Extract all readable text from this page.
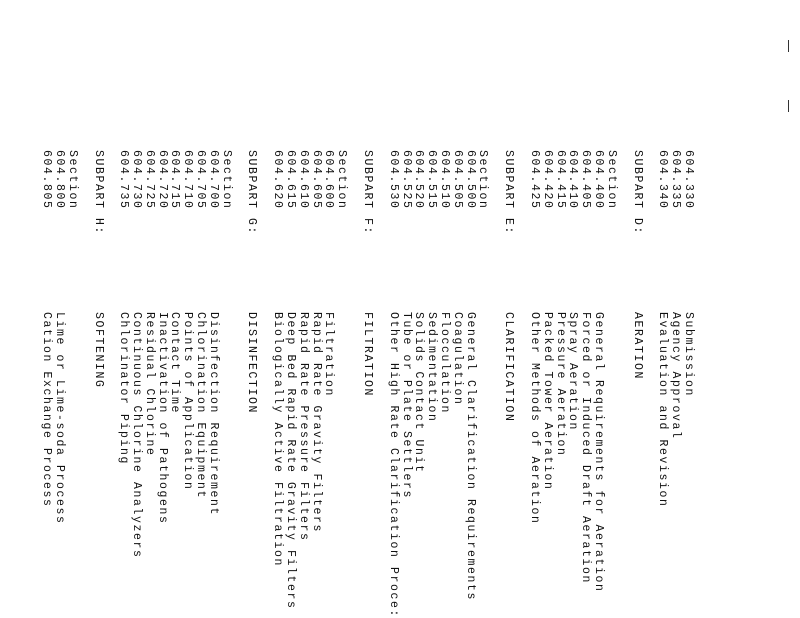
604.330Submission
604.335Agency Approval
604.340Evaluation and Revision
SUBPART D:AERATION
Section
604.400General Requirements for Aeration
604.405Forced or Induced Draft Aeration
604.410Spray Aeration
604.415Pressure Aeration
604.420Packed Tower Aeration
604.425Other Methods of Aeration
SUBPART E:CLARIFICATION
Section
604.500General Clarification Requirements
604.505Coagulation
604.510Flocculation
604.515Sedimentation
604.520Solids Contact Unit
604.525Tube or Plate Settlers
604.530Other High Rate Clarification Proce:
SUBPART F:FILTRATION
Section
604.600Filtration
604.605Rapid Rate Gravity Filters
604.610Rapid Rate Pressure Filters
604.615Deep Bed Rapid Rate Gravity Filters
604.620Biologically Active Filtration
SUBPART G:DISINFECTION
Section
604.700Disinfection Requirement
604.705Chlorination Equipment
604.710Points of Application
604.715Contact Time
604.720Inactivation of Pathogens
604.725Residual Chlorine
604.730Continuous Chlorine Analyzers
604.735Chlorinator Piping
SUBPART H:SOFTENING
Section
604.800Lime or Lime-soda Process
604.805Cation Exchange Process
